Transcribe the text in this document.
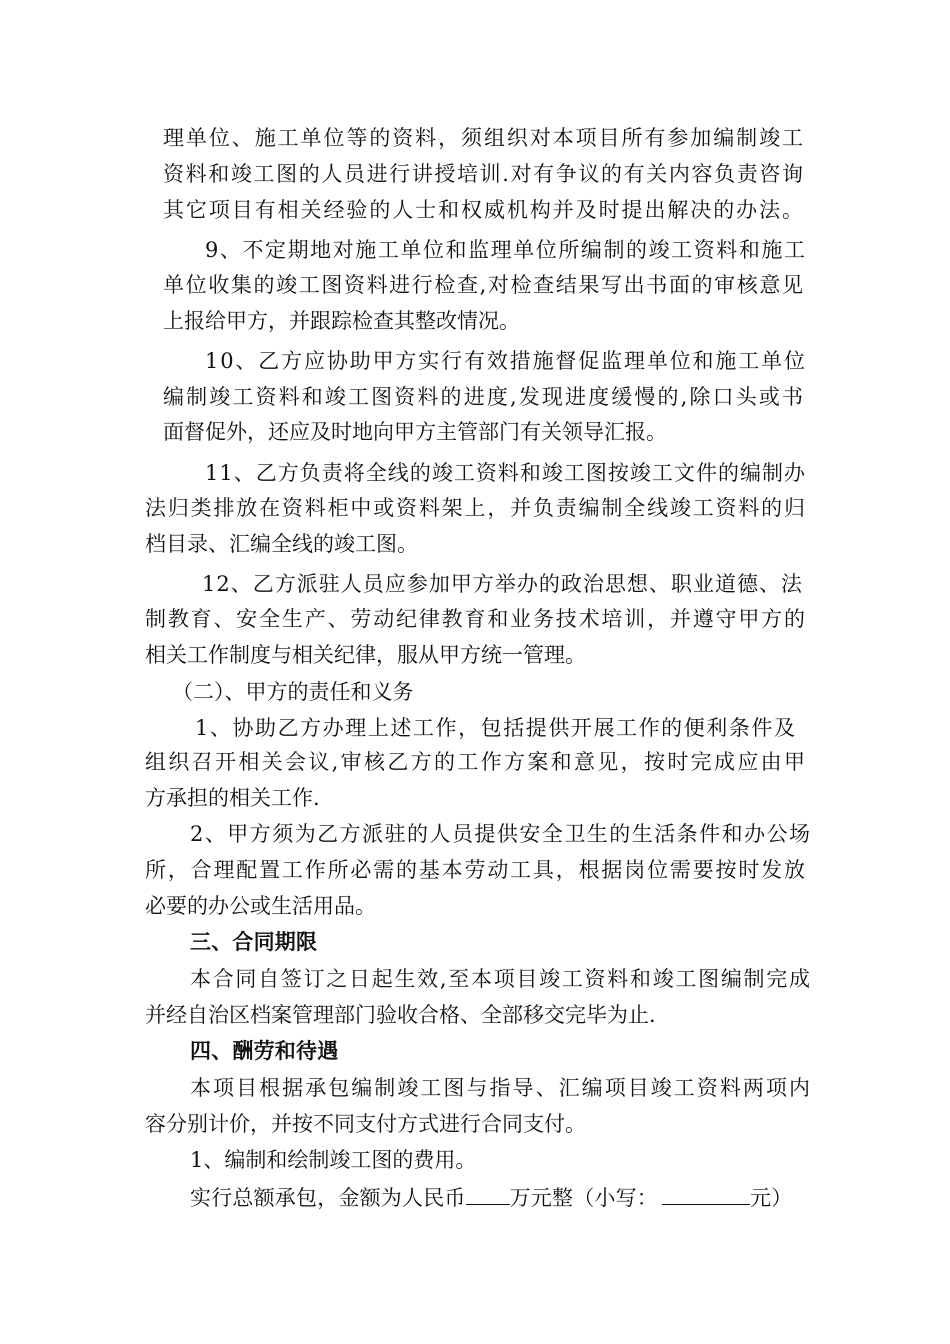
理单位、施工单位等的资料，须组织对本项目所有参加编制竣工
资料和竣工图的人员进行讲授培训.对有争议的有关内容负责咨询
其它项目有相关经验的人士和权威机构并及时提出解决的办法。
9、不定期地对施工单位和监理单位所编制的竣工资料和施工
单位收集的竣工图资料进行检查,对检查结果写出书面的审核意见
上报给甲方，并跟踪检查其整改情况。
10、乙方应协助甲方实行有效措施督促监理单位和施工单位
编制竣工资料和竣工图资料的进度,发现进度缓慢的,除口头或书
面督促外，还应及时地向甲方主管部门有关领导汇报。
11、乙方负责将全线的竣工资料和竣工图按竣工文件的编制办
法归类排放在资料柜中或资料架上，并负责编制全线竣工资料的归
档目录、汇编全线的竣工图。
12、乙方派驻人员应参加甲方举办的政治思想、职业道德、法
制教育、安全生产、劳动纪律教育和业务技术培训，并遵守甲方的
相关工作制度与相关纪律，服从甲方统一管理。
（二）、甲方的责任和义务
1、协助乙方办理上述工作，包括提供开展工作的便利条件及
组织召开相关会议,审核乙方的工作方案和意见，按时完成应由甲
方承担的相关工作.
2、甲方须为乙方派驻的人员提供安全卫生的生活条件和办公场
所，合理配置工作所必需的基本劳动工具，根据岗位需要按时发放
必要的办公或生活用品。
三、合同期限
本合同自签订之日起生效,至本项目竣工资料和竣工图编制完成
并经自治区档案管理部门验收合格、全部移交完毕为止.
四、酬劳和待遇
本项目根据承包编制竣工图与指导、汇编项目竣工资料两项内
容分别计价，并按不同支付方式进行合同支付。
1、编制和绘制竣工图的费用。
实行总额承包，金额为人民币 万元整（小写：	元）
